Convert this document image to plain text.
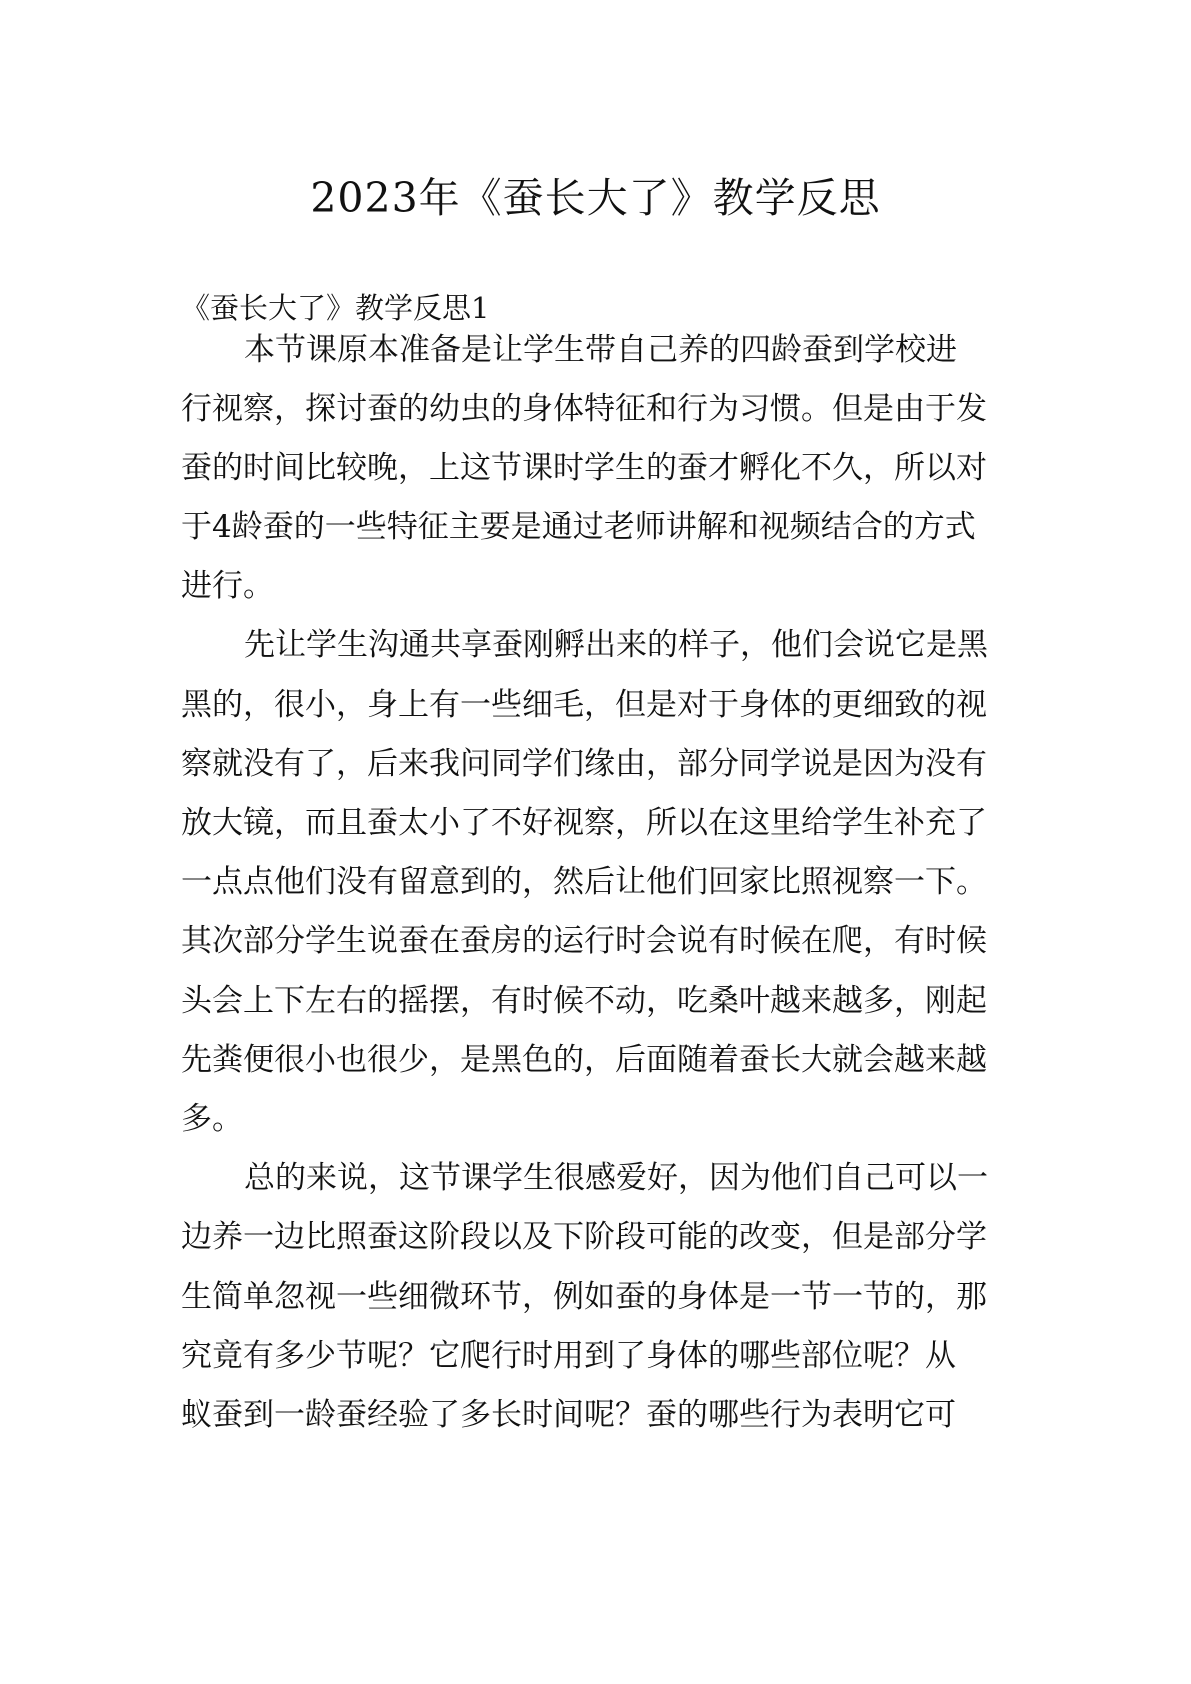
2023年《蚕长大了》教学反思
《蚕长大了》教学反思1

本节课原本准备是让学生带自己养的四龄蚕到学校进

行视察，探讨蚕的幼虫的身体特征和行为习惯。但是由于发

蚕的时间比较晚，上这节课时学生的蚕才孵化不久，所以对

于4龄蚕的一些特征主要是通过老师讲解和视频结合的方式

进行。

先让学生沟通共享蚕刚孵出来的样子，他们会说它是黑

黑的，很小，身上有一些细毛，但是对于身体的更细致的视

察就没有了，后来我问同学们缘由，部分同学说是因为没有

放大镜，而且蚕太小了不好视察，所以在这里给学生补充了

一点点他们没有留意到的，然后让他们回家比照视察一下。

其次部分学生说蚕在蚕房的运行时会说有时候在爬，有时候

头会上下左右的摇摆，有时候不动，吃桑叶越来越多，刚起

先粪便很小也很少，是黑色的，后面随着蚕长大就会越来越

多。

总的来说，这节课学生很感爱好，因为他们自己可以一

边养一边比照蚕这阶段以及下阶段可能的改变，但是部分学

生简单忽视一些细微环节，例如蚕的身体是一节一节的，那

究竟有多少节呢？它爬行时用到了身体的哪些部位呢？从

蚁蚕到一龄蚕经验了多长时间呢？蚕的哪些行为表明它可
